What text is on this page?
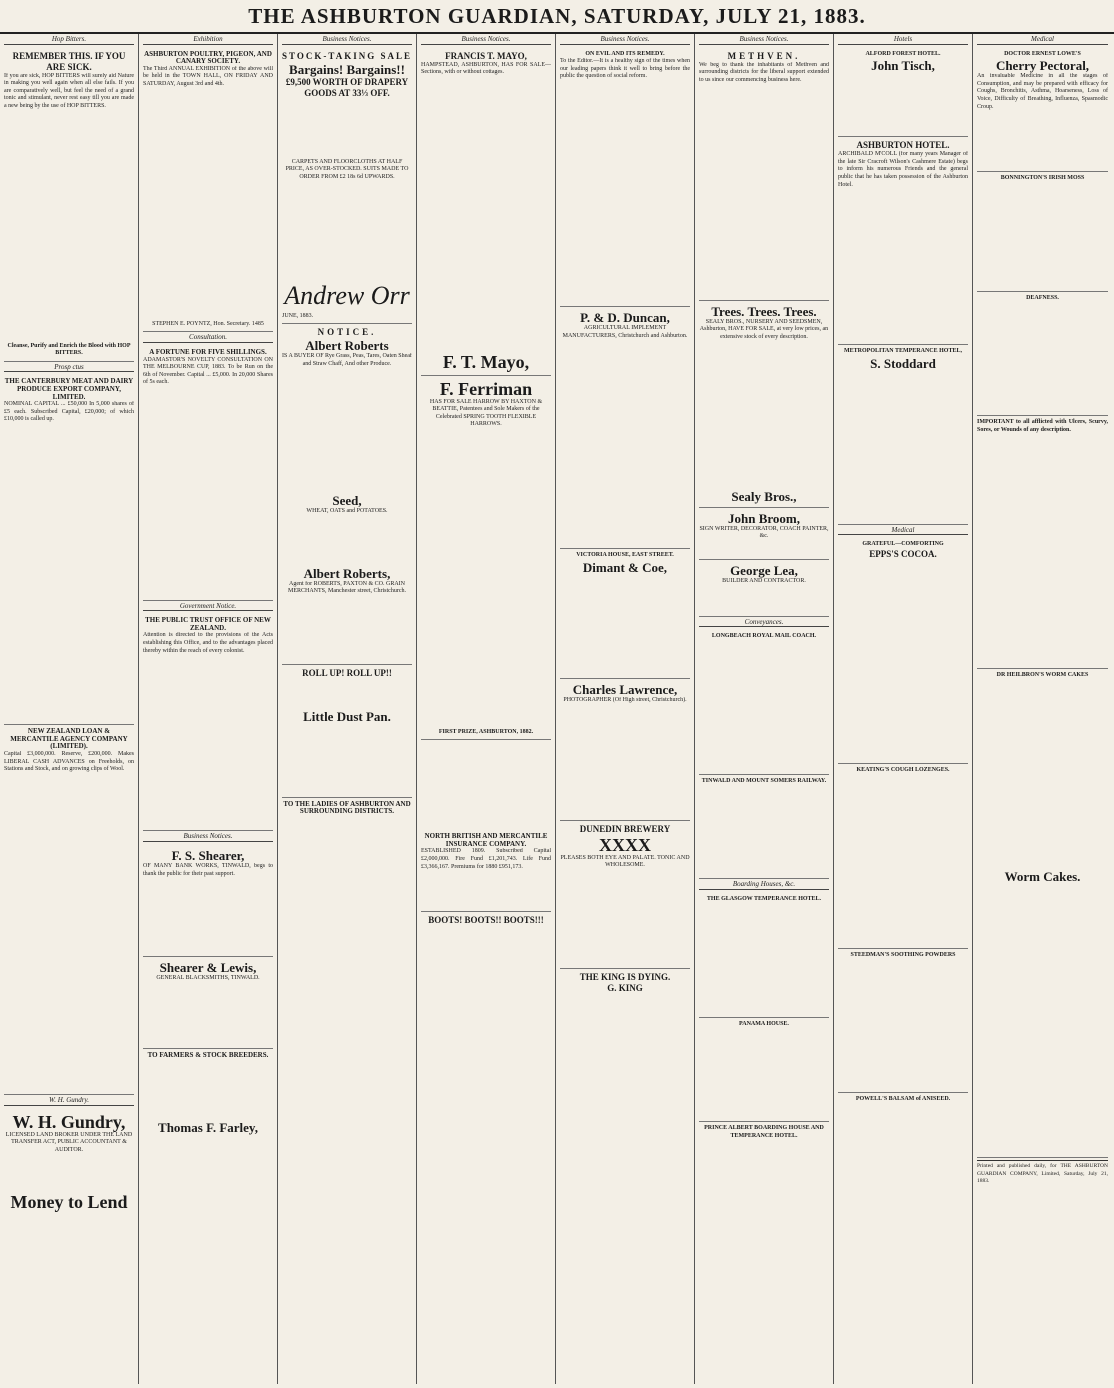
THE ASHBURTON GUARDIAN, SATURDAY, JULY 21, 1883.
Hop Bitters.
REMEMBER THIS. IF YOU ARE SICK.
If you are sick, HOP BITTERS will surely aid Nature in making you well again when all else fails. If you are comparatively well, but feel the need of a grand tonic and stimulant, never rest easy till you are made a new being by the use of HOP BITTERS.
Cleanse, Purify and Enrich the Blood with HOP BITTERS.
Prosp ctus
THE CANTERBURY MEAT AND DAIRY PRODUCE EXPORT COMPANY, LIMITED.
NOMINAL CAPITAL ... £50,000 In 5,000 shares of £5 each. Subscribed Capital, £20,000; of which £10,000 is called up.
NEW ZEALAND LOAN & MERCANTILE AGENCY COMPANY (LIMITED).
Capital £3,000,000. Reserve, £200,000. Makes LIBERAL CASH ADVANCES on Freeholds, on Stations and Stock, and on growing clips of Wool.
W. H. Gundry.
W. H. Gundry,
LICENSED LAND BROKER UNDER THE LAND TRANSFER ACT, PUBLIC ACCOUNTANT & AUDITOR.
Money to Lend
Exhibition
ASHBURTON POULTRY, PIGEON, AND CANARY SOCIETY.
The Third ANNUAL EXHIBITION of the above will be held in the TOWN HALL, ON FRIDAY AND SATURDAY, August 3rd and 4th.
STEPHEN E. POYNTZ, Hon. Secretary. 1485
Consultation.
A FORTUNE FOR FIVE SHILLINGS.
ADAMASTOR'S NOVELTY CONSULTATION ON THE MELBOURNE CUP, 1883. To be Run on the 6th of November. Capital ... £5,000. In 20,000 Shares of 5s each.
Government Notice.
THE PUBLIC TRUST OFFICE OF NEW ZEALAND.
Attention is directed to the provisions of the Acts establishing this Office, and to the advantages placed thereby within the reach of every colonist.
Business Notices.
F. S. Shearer,
OF MANY BANK WORKS, TINWALD, begs to thank the public for their past support.
Shearer & Lewis,
GENERAL BLACKSMITHS, TINWALD.
TO FARMERS & STOCK BREEDERS.
Thomas F. Farley,
Business Notices.
STOCK-TAKING SALE
Bargains! Bargains!!
£9,500 WORTH OF DRAPERY GOODS AT 33⅓ OFF.
CARPETS AND FLOORCLOTHS AT HALF PRICE, AS OVER-STOCKED. SUITS MADE TO ORDER FROM £2 18s 6d UPWARDS.
Andrew Orr
JUNE, 1883.
NOTICE.
Albert Roberts
IS A BUYER OF Rye Grass, Peas, Tares, Oaten Sheaf and Straw Chaff, And other Produce.
Seed,
WHEAT, OATS and POTATOES.
Albert Roberts,
Agent for ROBERTS, PAXTON & CO. GRAIN MERCHANTS, Manchester street, Christchurch.
ROLL UP! ROLL UP!!
Little Dust Pan.
TO THE LADIES OF ASHBURTON AND SURROUNDING DISTRICTS.
Business Notices.
FRANCIS T. MAYO,
HAMPSTEAD, ASHBURTON, HAS FOR SALE— Sections, with or without cottages.
F. T. Mayo,
F. Ferriman
HAS FOR SALE HARROW BY HAXTON & BEATTIE, Patentees and Sole Makers of the Celebrated SPRING TOOTH FLEXIBLE HARROWS.
FIRST PRIZE, ASHBURTON, 1882.
NORTH BRITISH AND MERCANTILE INSURANCE COMPANY.
ESTABLISHED 1809. Subscribed Capital £2,000,000. Fire Fund £1,201,743. Life Fund £3,366,167. Premiums for 1880 £951,173.
BOOTS! BOOTS!! BOOTS!!!
Business Notices.
ON EVIL AND ITS REMEDY.
To the Editor.—It is a healthy sign of the times when our leading papers think it well to bring before the public the question of social reform.
P. & D. Duncan,
AGRICULTURAL IMPLEMENT MANUFACTURERS, Christchurch and Ashburton.
VICTORIA HOUSE, EAST STREET.
Dimant & Coe,
Charles Lawrence,
PHOTOGRAPHER (Of High street, Christchurch).
DUNEDIN BREWERY
XXXX
PLEASES BOTH EYE AND PALATE. TONIC AND WHOLESOME.
THE KING IS DYING.
G. KING
Business Notices.
METHVEN.
We beg to thank the inhabitants of Methven and surrounding districts for the liberal support extended to us since our commencing business here.
Trees. Trees. Trees.
SEALY BROS., NURSERY AND SEEDSMEN, Ashburton, HAVE FOR SALE, at very low prices, an extensive stock of every description.
Sealy Bros.,
John Broom,
SIGN WRITER, DECORATOR, COACH PAINTER, &c.
George Lea,
BUILDER AND CONTRACTOR.
Conveyances.
LONGBEACH ROYAL MAIL COACH.
TINWALD AND MOUNT SOMERS RAILWAY.
Boarding Houses, &c.
THE GLASGOW TEMPERANCE HOTEL.
PANAMA HOUSE.
PRINCE ALBERT BOARDING HOUSE AND TEMPERANCE HOTEL.
Hotels
ALFORD FOREST HOTEL.
John Tisch,
ASHBURTON HOTEL.
ARCHIBALD M'COLL (for many years Manager of the late Sir Cracroft Wilson's Cashmere Estate) begs to inform his numerous Friends and the general public that he has taken possession of the Ashburton Hotel.
METROPOLITAN TEMPERANCE HOTEL,
S. Stoddard
Medical
GRATEFUL—COMFORTING
EPPS'S COCOA.
KEATING'S COUGH LOZENGES.
STEEDMAN'S SOOTHING POWDERS
POWELL'S BALSAM of ANISEED.
Medical
DOCTOR ERNEST LOWE'S
Cherry Pectoral,
An invaluable Medicine in all the stages of Consumption, and may be prepared with efficacy for Coughs, Bronchitis, Asthma, Hoarseness, Loss of Voice, Difficulty of Breathing, Influenza, Spasmodic Croup.
BONNINGTON'S IRISH MOSS
DEAFNESS.
IMPORTANT to all afflicted with Ulcers, Scurvy, Sores, or Wounds of any description.
DR HEILBRON'S WORM CAKES
Worm Cakes.
Printed and published daily, for THE ASHBURTON GUARDIAN COMPANY, Limited, Saturday, July 21, 1883.
